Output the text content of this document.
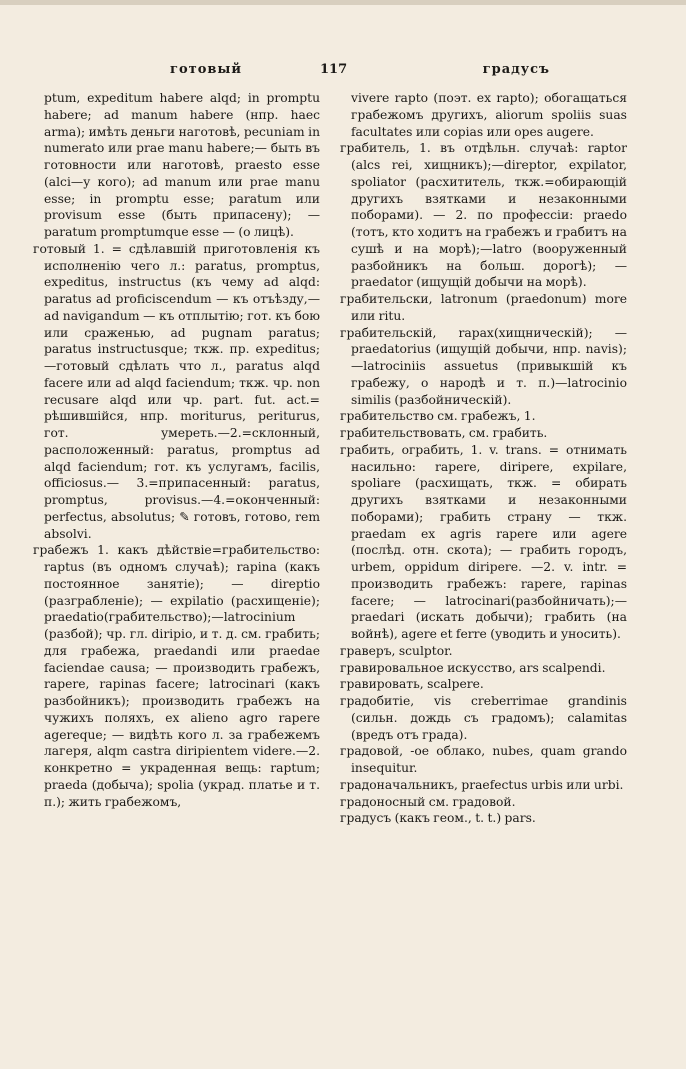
готовый	117	градусъ

ptum, expeditum habere alqd; in promptu habere; ad manum habere (нпр. haec arma); имѣть деньги наготовѣ, pecuniam in numerato или prae manu habere;— быть въ готовности или наготовѣ, praesto esse (alci—у кого); ad manum или prae manu esse; in promptu esse; paratum или provisum esse (быть припасену); — paratum promptumque esse — (о лицѣ).

готовый 1. = сдѣлавшій приготовленія къ исполненію чего л.: paratus, promptus, expeditus, instructus (къ чему ad alqd: paratus ad proficiscendum — къ отъѣзду,—ad navigandum — къ отплытію; гот. къ бою или сраженью, ad pugnam paratus; paratus instructusque; ткж. пр. expeditus;—готовый сдѣлать что л., paratus alqd facere или ad alqd faciendum; ткж. чр. non recusare alqd или чр. part. fut. act.= рѣшившійся, нпр. moriturus, periturus, гот. умереть.—2.=склонный, расположенный: paratus, promptus ad alqd faciendum; гот. къ услугамъ, facilis, officiosus.— 3.=припасенный: paratus, promptus, provisus.—4.=оконченный: perfectus, absolutus; ✎ готовъ, готово, rem absolvi.

грабежъ 1. какъ дѣйствіе=грабительство: raptus (въ одномъ случаѣ); rapina (какъ постоянное занятіе); — direptio (разграбленіе); — expilatio (расхищеніе); praedatio(грабительство);—latrocinium (разбой); чр. гл. diripio, и т. д. см. грабить; для грабежа, praedandi или praedae faciendae causa; — производить грабежъ, rapere, rapinas facere; latrocinari (какъ разбойникъ); производить грабежъ на чужихъ поляхъ, ex alieno agro rapere agereque; — видѣть кого л. за грабежемъ лагеря, alqm castra diripientem videre.—2. конкретно = украденная вещь: raptum; praeda (добыча); spolia (украд. платье и т. п.); жить грабежомъ,

vivere rapto (поэт. ex rapto); обогащаться грабежомъ другихъ, aliorum spoliis suas facultates или copias или opes augere.

грабитель, 1. въ отдѣльн. случаѣ: raptor (alcs rei, хищникъ);—direptor, expilator, spoliator (расхититель, ткж.=обирающій другихъ взятками и незаконными поборами). — 2. по профессіи: praedo (тотъ, кто ходитъ на грабежъ и грабитъ на сушѣ и на морѣ);—latro (вооруженный разбойникъ на больш. дорогѣ); —praedator (ищущій добычи на морѣ).

грабительски, latronum (praedonum) more или ritu.

грабительскій, rapax(хищническій); —praedatorius (ищущій добычи, нпр. navis);—latrociniis assuetus (привыкшій къ грабежу, о народѣ и т. п.)—latrocinio similis (разбойническій).

грабительство см. грабежъ, 1.

грабительствовать, см. грабить.

грабить, ограбить, 1. v. trans. = отнимать насильно: rapere, diripere, expilare, spoliare (расхищать, ткж. = обирать другихъ взятками и незаконными поборами); грабить страну — ткж. praedam ex agris rapere или agere (послѣд. отн. скота); — грабить городъ, urbem, oppidum diripere. —2. v. intr. = производить грабежъ: rapere, rapinas facere; — latrocinari(разбойничать);—praedari (искать добычи); грабить (на войнѣ), agere et ferre (уводить и уносить).

граверъ, sculptor.

гравировальное искусство, ars scalpendi.

гравировать, scalpere.

градобитіе, vis creberrimae grandinis (сильн. дождь съ градомъ); calamitas (вредъ отъ града).

градовой, -ое облако, nubes, quam grando insequitur.

градоначальникъ, praefectus urbis или urbi.

градоносный см. градовой.

градусъ (какъ геом., t. t.) pars.
